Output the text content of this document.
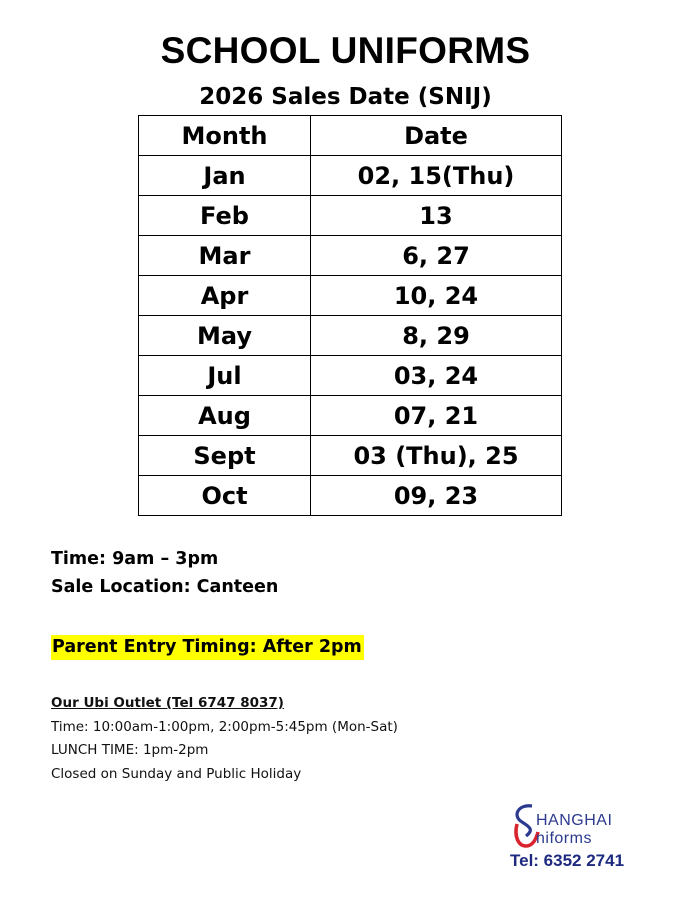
SCHOOL UNIFORMS
2026 Sales Date (SNIJ)
Month	Date
Jan	02, 15(Thu)
Feb	13
Mar	6, 27
Apr	10, 24
May	8, 29
Jul	03, 24
Aug	07, 21
Sept	03 (Thu), 25
Oct	09, 23
Time: 9am – 3pm
Sale Location: Canteen
Parent Entry Timing: After 2pm
Our Ubi Outlet (Tel 6747 8037)
Time: 10:00am-1:00pm, 2:00pm-5:45pm (Mon-Sat)
LUNCH TIME: 1pm-2pm
Closed on Sunday and Public Holiday
HANGHAI
niforms
Tel: 6352 2741
